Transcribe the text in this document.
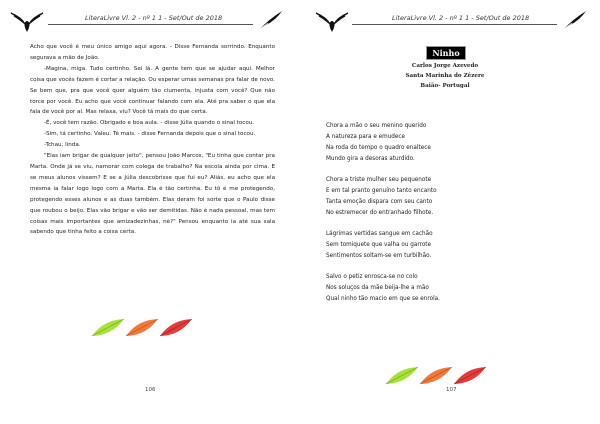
LiteraLivre Vl. 2 - nº 1 1 - Set/Out de 2018

Acho que você é meu único amigo aqui agora. - Disse Fernanda sorrindo. Enquanto segurava a mão de João.

-Magina, miga. Tudo certinho. Sei lá. A gente tem que se ajudar aqui. Melhor coisa que vocês fazem é cortar a relação. Ou esperar umas semanas pra falar de novo. Se bem que, pra que você quer alguém tão ciumenta, injusta com você? Que não torce por você. Eu acho que você continuar falando com ela. Até pra saber o que ela fala de você por aí. Mas relaxa, viu? Você tá mais do que certa.

-É, você tem razão. Obrigado e boa aula. - disse Júlia quando o sinal tocou.

-Sim, tá certinho. Valeu. Té mais. - disse Fernanda depois que o sinal tocou.

-Tchau, linda.

"Elas iam brigar de qualquer jeito", pensou João Marcos, "Eu tinha que contar pra Marta. Onde já se viu, namorar com colega de trabalho? Na escola ainda por cima. E se meus alunos vissem? E se a Júlia descobrisse que fui eu? Aliás, eu acho que ela mesma ia falar logo logo com a Marta. Ela é tão certinha. Eu tô é me protegendo, protegendo esses alunos e as duas também. Elas deram foi sorte que o Paulo disse que roubou o beijo. Elas vão brigar e vão ser demitidas. Não é nada pessoal, mas tem coisas mais importantes que amizadezinhas, né?" Pensou enquanto ia até sua sala sabendo que tinha feito a coisa certa.

106
LiteraLivre Vl. 2 - nº 1 1 - Set/Out de 2018
107
Ninho
Carlos Jorge Azevedo
Santa Marinha do Zêzere
Baião- Portugal
Chora a mão o seu menino querido
A natureza para e emudece
Na roda do tempo o quadro enaltece
Mundo gira a desoras aturdido.
Chora a triste mulher seu pequenote
E em tal pranto genuíno tanto encanto
Tanta emoção dispara com seu canto
No estremecer do entranhado filhote.
Lágrimas vertidas sangue em cachão
Sem tomiquete que valha ou garrote
Sentimentos soltam-se em turbilhão.
Salvo o petiz enrosca-se no colo
Nos soluços da mãe beija-lhe a mão
Qual ninho tão macio em que se enrola.
